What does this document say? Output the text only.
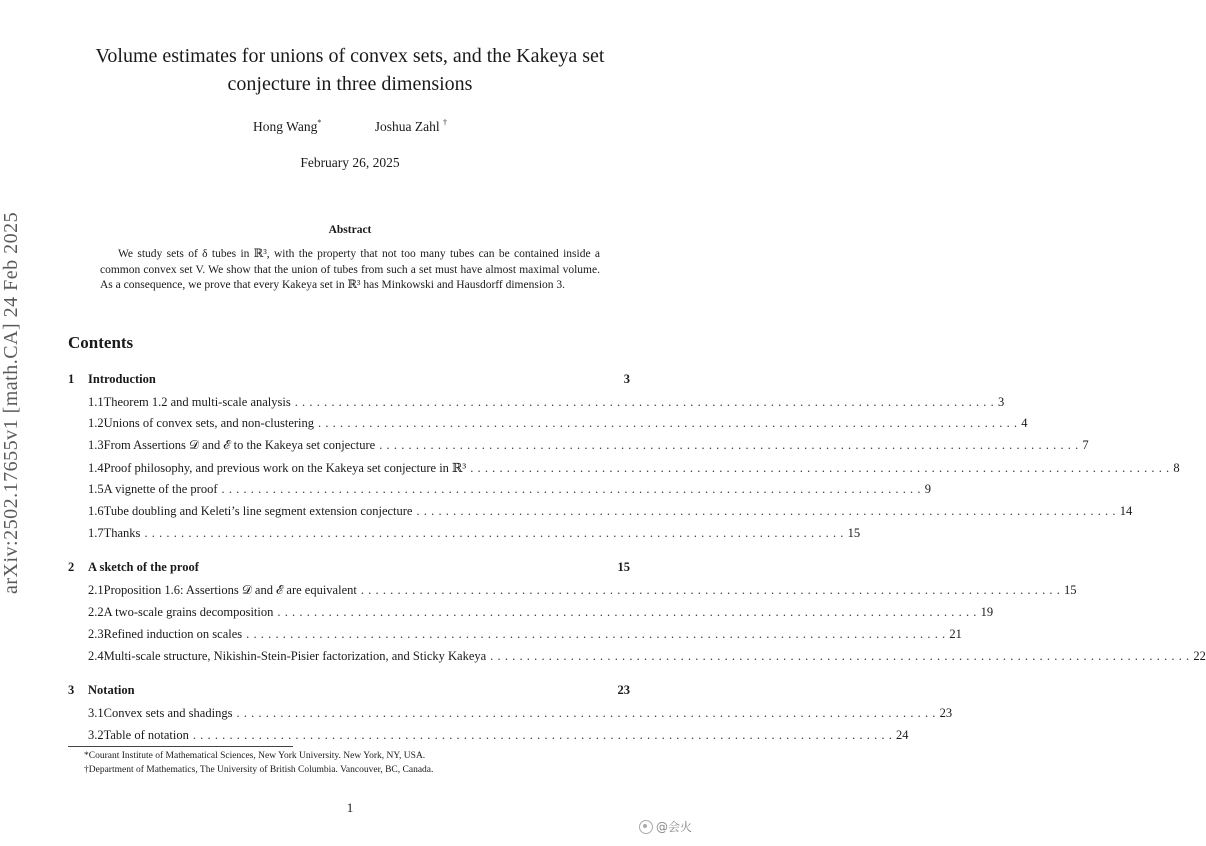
Volume estimates for unions of convex sets, and the Kakeya set
conjecture in three dimensions
Hong Wang*	Joshua Zahl †
February 26, 2025
Abstract
We study sets of δ tubes in ℝ³, with the property that not too many tubes can be contained inside a common convex set V. We show that the union of tubes from such a set must have almost maximal volume. As a consequence, we prove that every Kakeya set in ℝ³ has Minkowski and Hausdorff dimension 3.
Contents
1	Introduction	3
1.1 Theorem 1.2 and multi-scale analysis ................................................................................................ 3
1.2 Unions of convex sets, and non-clustering ................................................................................................ 4
1.3 From Assertions 𝒟 and ℰ to the Kakeya set conjecture ................................................................................................ 7
1.4 Proof philosophy, and previous work on the Kakeya set conjecture in ℝ³ ................................................................................................ 8
1.5 A vignette of the proof ................................................................................................ 9
1.6 Tube doubling and Keleti’s line segment extension conjecture ................................................................................................ 14
1.7 Thanks ................................................................................................ 15
2	A sketch of the proof	15
2.1 Proposition 1.6: Assertions 𝒟 and ℰ are equivalent ................................................................................................ 15
2.2 A two-scale grains decomposition ................................................................................................ 19
2.3 Refined induction on scales ................................................................................................ 21
2.4 Multi-scale structure, Nikishin-Stein-Pisier factorization, and Sticky Kakeya ................................................................................................ 22
3	Notation	23
3.1 Convex sets and shadings ................................................................................................ 23
3.2 Table of notation ................................................................................................ 24
*Courant Institute of Mathematical Sciences, New York University. New York, NY, USA.
†Department of Mathematics, The University of British Columbia. Vancouver, BC, Canada.
1
arXiv:2502.17655v1 [math.CA] 24 Feb 2025
@会火
